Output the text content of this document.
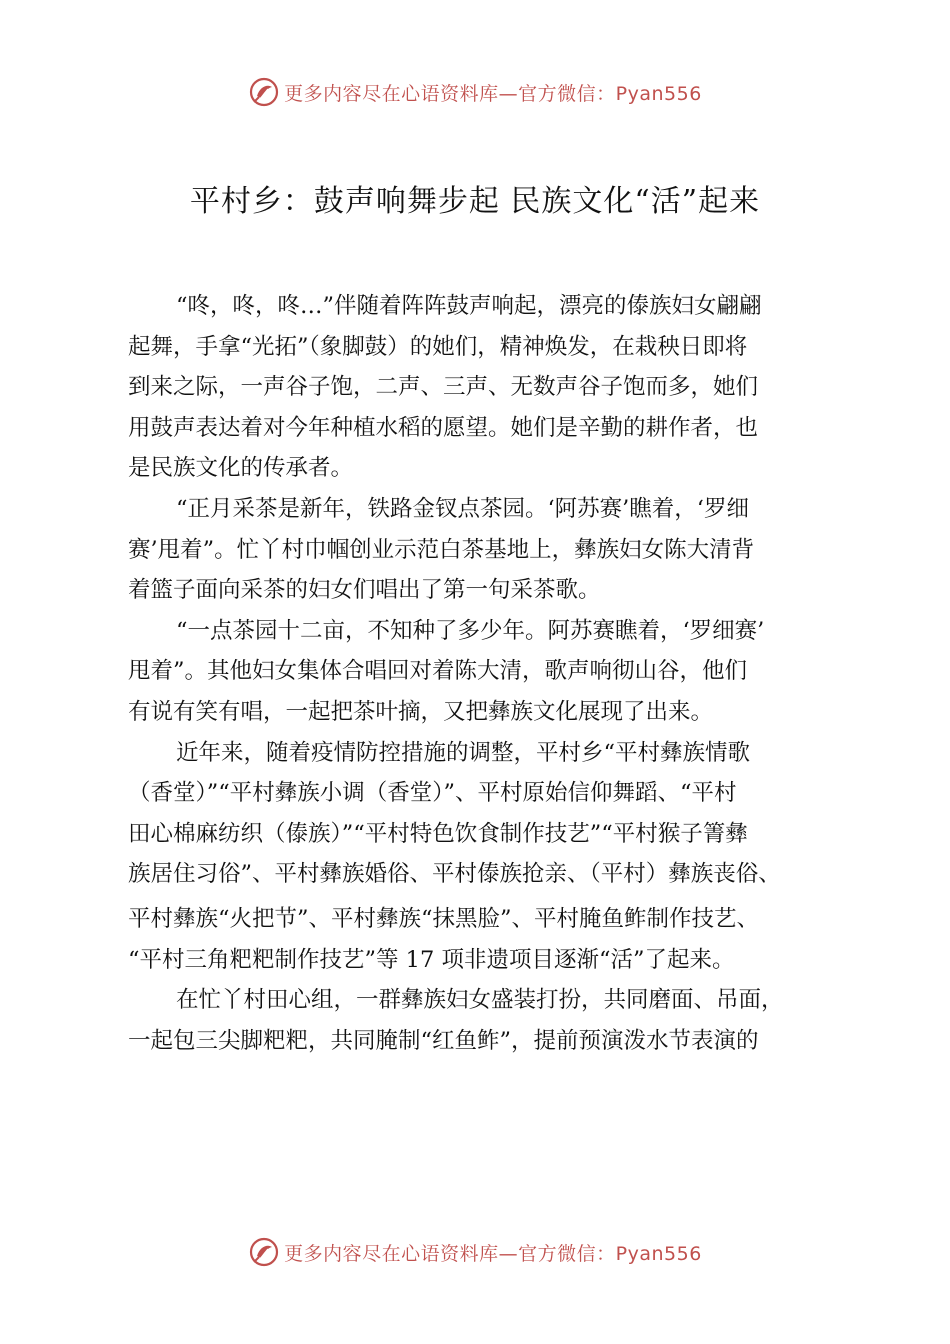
更多内容尽在心语资料库—官方微信：Pyan556
平村乡：鼓声响舞步起 民族文化“活”起来
“咚，咚，咚…”伴随着阵阵鼓声响起，漂亮的傣族妇女翩翩
起舞，手拿“光拓”（象脚鼓）的她们，精神焕发，在栽秧日即将
到来之际，一声谷子饱，二声、三声、无数声谷子饱而多，她们
用鼓声表达着对今年种植水稻的愿望。她们是辛勤的耕作者，也
是民族文化的传承者。
“正月采茶是新年，铁路金钗点茶园。‘阿苏赛’瞧着，‘罗细
赛’甩着”。忙丫村巾帼创业示范白茶基地上，彝族妇女陈大清背
着篮子面向采茶的妇女们唱出了第一句采茶歌。
“一点茶园十二亩，不知种了多少年。阿苏赛瞧着，‘罗细赛’
甩着”。其他妇女集体合唱回对着陈大清，歌声响彻山谷，他们
有说有笑有唱，一起把茶叶摘，又把彝族文化展现了出来。
近年来，随着疫情防控措施的调整，平村乡“平村彝族情歌
（香堂）”“平村彝族小调（香堂）”、平村原始信仰舞蹈、“平村
田心棉麻纺织（傣族）”“平村特色饮食制作技艺”“平村猴子箐彝
族居住习俗”、平村彝族婚俗、平村傣族抢亲、（平村）彝族丧俗、
平村彝族“火把节”、平村彝族“抹黑脸”、平村腌鱼鲊制作技艺、
“平村三角粑粑制作技艺”等 17 项非遗项目逐渐“活”了起来。
在忙丫村田心组，一群彝族妇女盛装打扮，共同磨面、吊面，
一起包三尖脚粑粑，共同腌制“红鱼鲊”，提前预演泼水节表演的
更多内容尽在心语资料库—官方微信：Pyan556
